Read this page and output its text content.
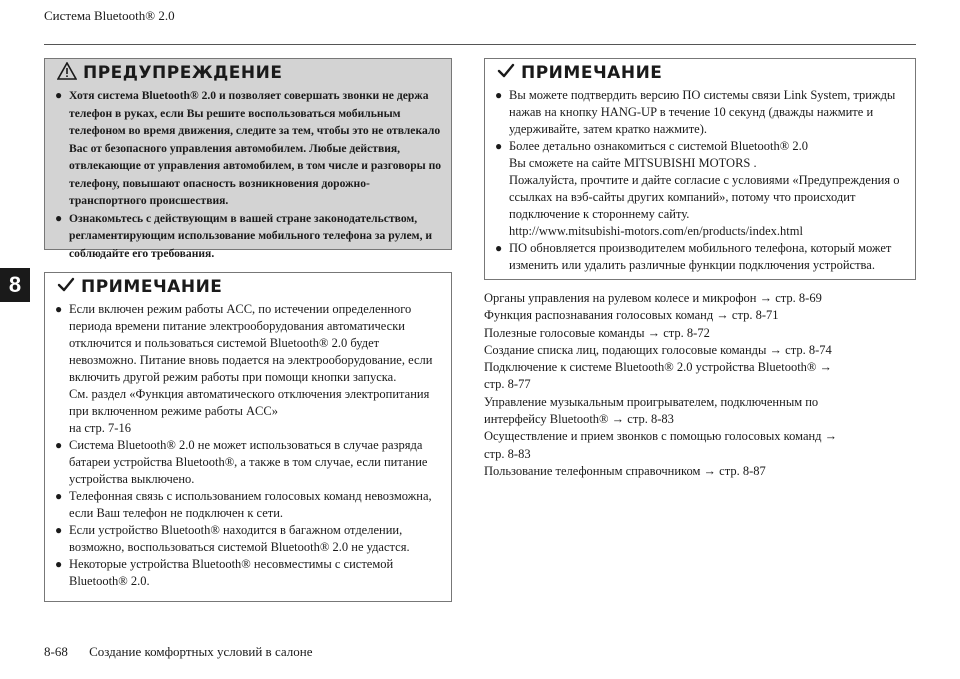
Система Bluetooth® 2.0
8
ПРЕДУПРЕЖДЕНИЕ
● Хотя система Bluetooth® 2.0 и позволяет совершать звонки не держа телефон в руках, если Вы решите воспользоваться мобильным телефоном во время движения, следите за тем, чтобы это не отвлекало Вас от безопасного управления автомобилем. Любые действия, отвлекающие от управления автомобилем, в том числе и разговоры по телефону, повышают опасность возникновения дорожно-транспортного происшествия.
● Ознакомьтесь с действующим в вашей стране законодательством, регламентирующим использование мобильного телефона за рулем, и соблюдайте его требования.
ПРИМЕЧАНИЕ
● Если включен режим работы ACC, по истечении определенного периода времени питание электрооборудования автоматически отключится и пользоваться системой Bluetooth® 2.0 будет невозможно. Питание вновь подается на электрооборудование, если включить другой режим работы при помощи кнопки запуска.
См. раздел «Функция автоматического отключения электропитания при включенном режиме работы ACC»
на стр. 7-16
● Система Bluetooth® 2.0 не может использоваться в случае разряда батареи устройства Bluetooth®, а также в том случае, если питание устройства выключено.
● Телефонная связь с использованием голосовых команд невозможна, если Ваш телефон не подключен к сети.
● Если устройство Bluetooth® находится в багажном отделении, возможно, воспользоваться системой Bluetooth® 2.0 не удастся.
● Некоторые устройства Bluetooth® несовместимы с системой Bluetooth® 2.0.
ПРИМЕЧАНИЕ
● Вы можете подтвердить версию ПО системы связи Link System, трижды нажав на кнопку HANG-UP в течение 10 секунд (дважды нажмите и удерживайте, затем кратко нажмите).
● Более детально ознакомиться с системой Bluetooth® 2.0
Вы сможете на сайте MITSUBISHI MOTORS .
Пожалуйста, прочтите и дайте согласие с условиями «Предупреждения о ссылках на вэб-сайты других компаний», потому что происходит подключение к стороннему сайту.
http://www.mitsubishi-motors.com/en/products/index.html
● ПО обновляется производителем мобильного телефона, который может изменить или удалить различные функции подключения устройства.
Органы управления на рулевом колесе и микрофон → стр. 8-69
Функция распознавания голосовых команд → стр. 8-71
Полезные голосовые команды → стр. 8-72
Создание списка лиц, подающих голосовые команды → стр. 8-74
Подключение к системе Bluetooth® 2.0 устройства Bluetooth® →
стр. 8-77
Управление музыкальным проигрывателем, подключенным по
интерфейсу Bluetooth® → стр. 8-83
Осуществление и прием звонков с помощью голосовых команд →
стр. 8-83
Пользование телефонным справочником → стр. 8-87
8-68 Создание комфортных условий в салоне
